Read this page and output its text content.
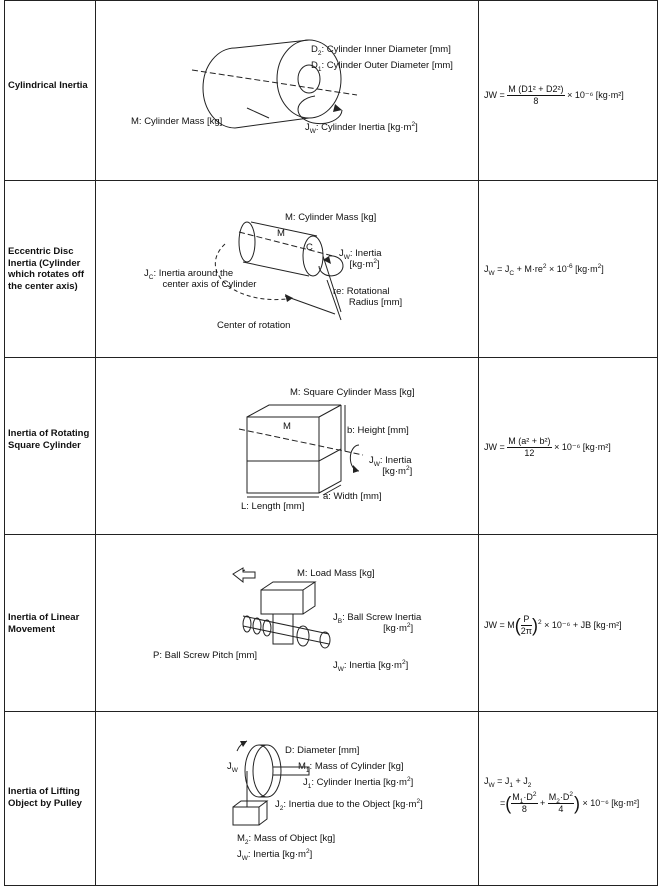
Cylindrical Inertia
$D_2$: Cylinder Inner Diameter [mm]
$D_1$: Cylinder Outer Diameter [mm]
M: Cylinder Mass [kg]
$J_W$: Cylinder Inertia $[kg\cdot m^2]$
JW = $\frac{\text{M (D1² + D2²)}}{8} \times 10^{-6}$ [kg·m²]
Eccentric Disc Inertia (Cylinder which rotates off the center axis)
M: Cylinder Mass [kg]
M
C
$J_W$: Inertia
$[kg\cdot m^2]$
$J_C$: Inertia around the
center axis of Cylinder
re: Rotational
Radius [mm]
Center of rotation
$J_W = J_C + M\cdot re^2 \times 10^{-6}$ $[kg\cdot m^2]$
Inertia of Rotating Square Cylinder
M: Square Cylinder Mass [kg]
M	b: Height [mm]
$J_W$: Inertia
$[kg\cdot m^2]$
a: Width [mm]
L: Length [mm]
JW = $\frac{\text{M (a² + b²)}}{12} \times 10^{-6}$ [kg·m²]
Inertia of Linear Movement
M: Load Mass [kg]
$J_B$: Ball Screw Inertia
$[kg\cdot m^2]$
P: Ball Screw Pitch [mm]
$J_W$: Inertia $[kg\cdot m^2]$
JW = $M( \frac{P}{2\pi} )^2 \times 10^{-6}$ + JB [kg·m²]
Inertia of Lifting Object by Pulley
$J_W$
D: Diameter [mm]
$M_1$: Mass of Cylinder [kg]
$J_1$: Cylinder Inertia $[kg\cdot m^2]$
$J_2$: Inertia due to the Object $[kg\cdot m^2]$
$M_2$: Mass of Object [kg]
$J_W$: Inertia $[kg\cdot m^2]$
$J_W = J_1 + J_2$
=( $\frac{M_1\cdot D^2}{8} + \frac{M_2\cdot D^2}{4}$ ) × 10⁻⁶ [kg·m²]
